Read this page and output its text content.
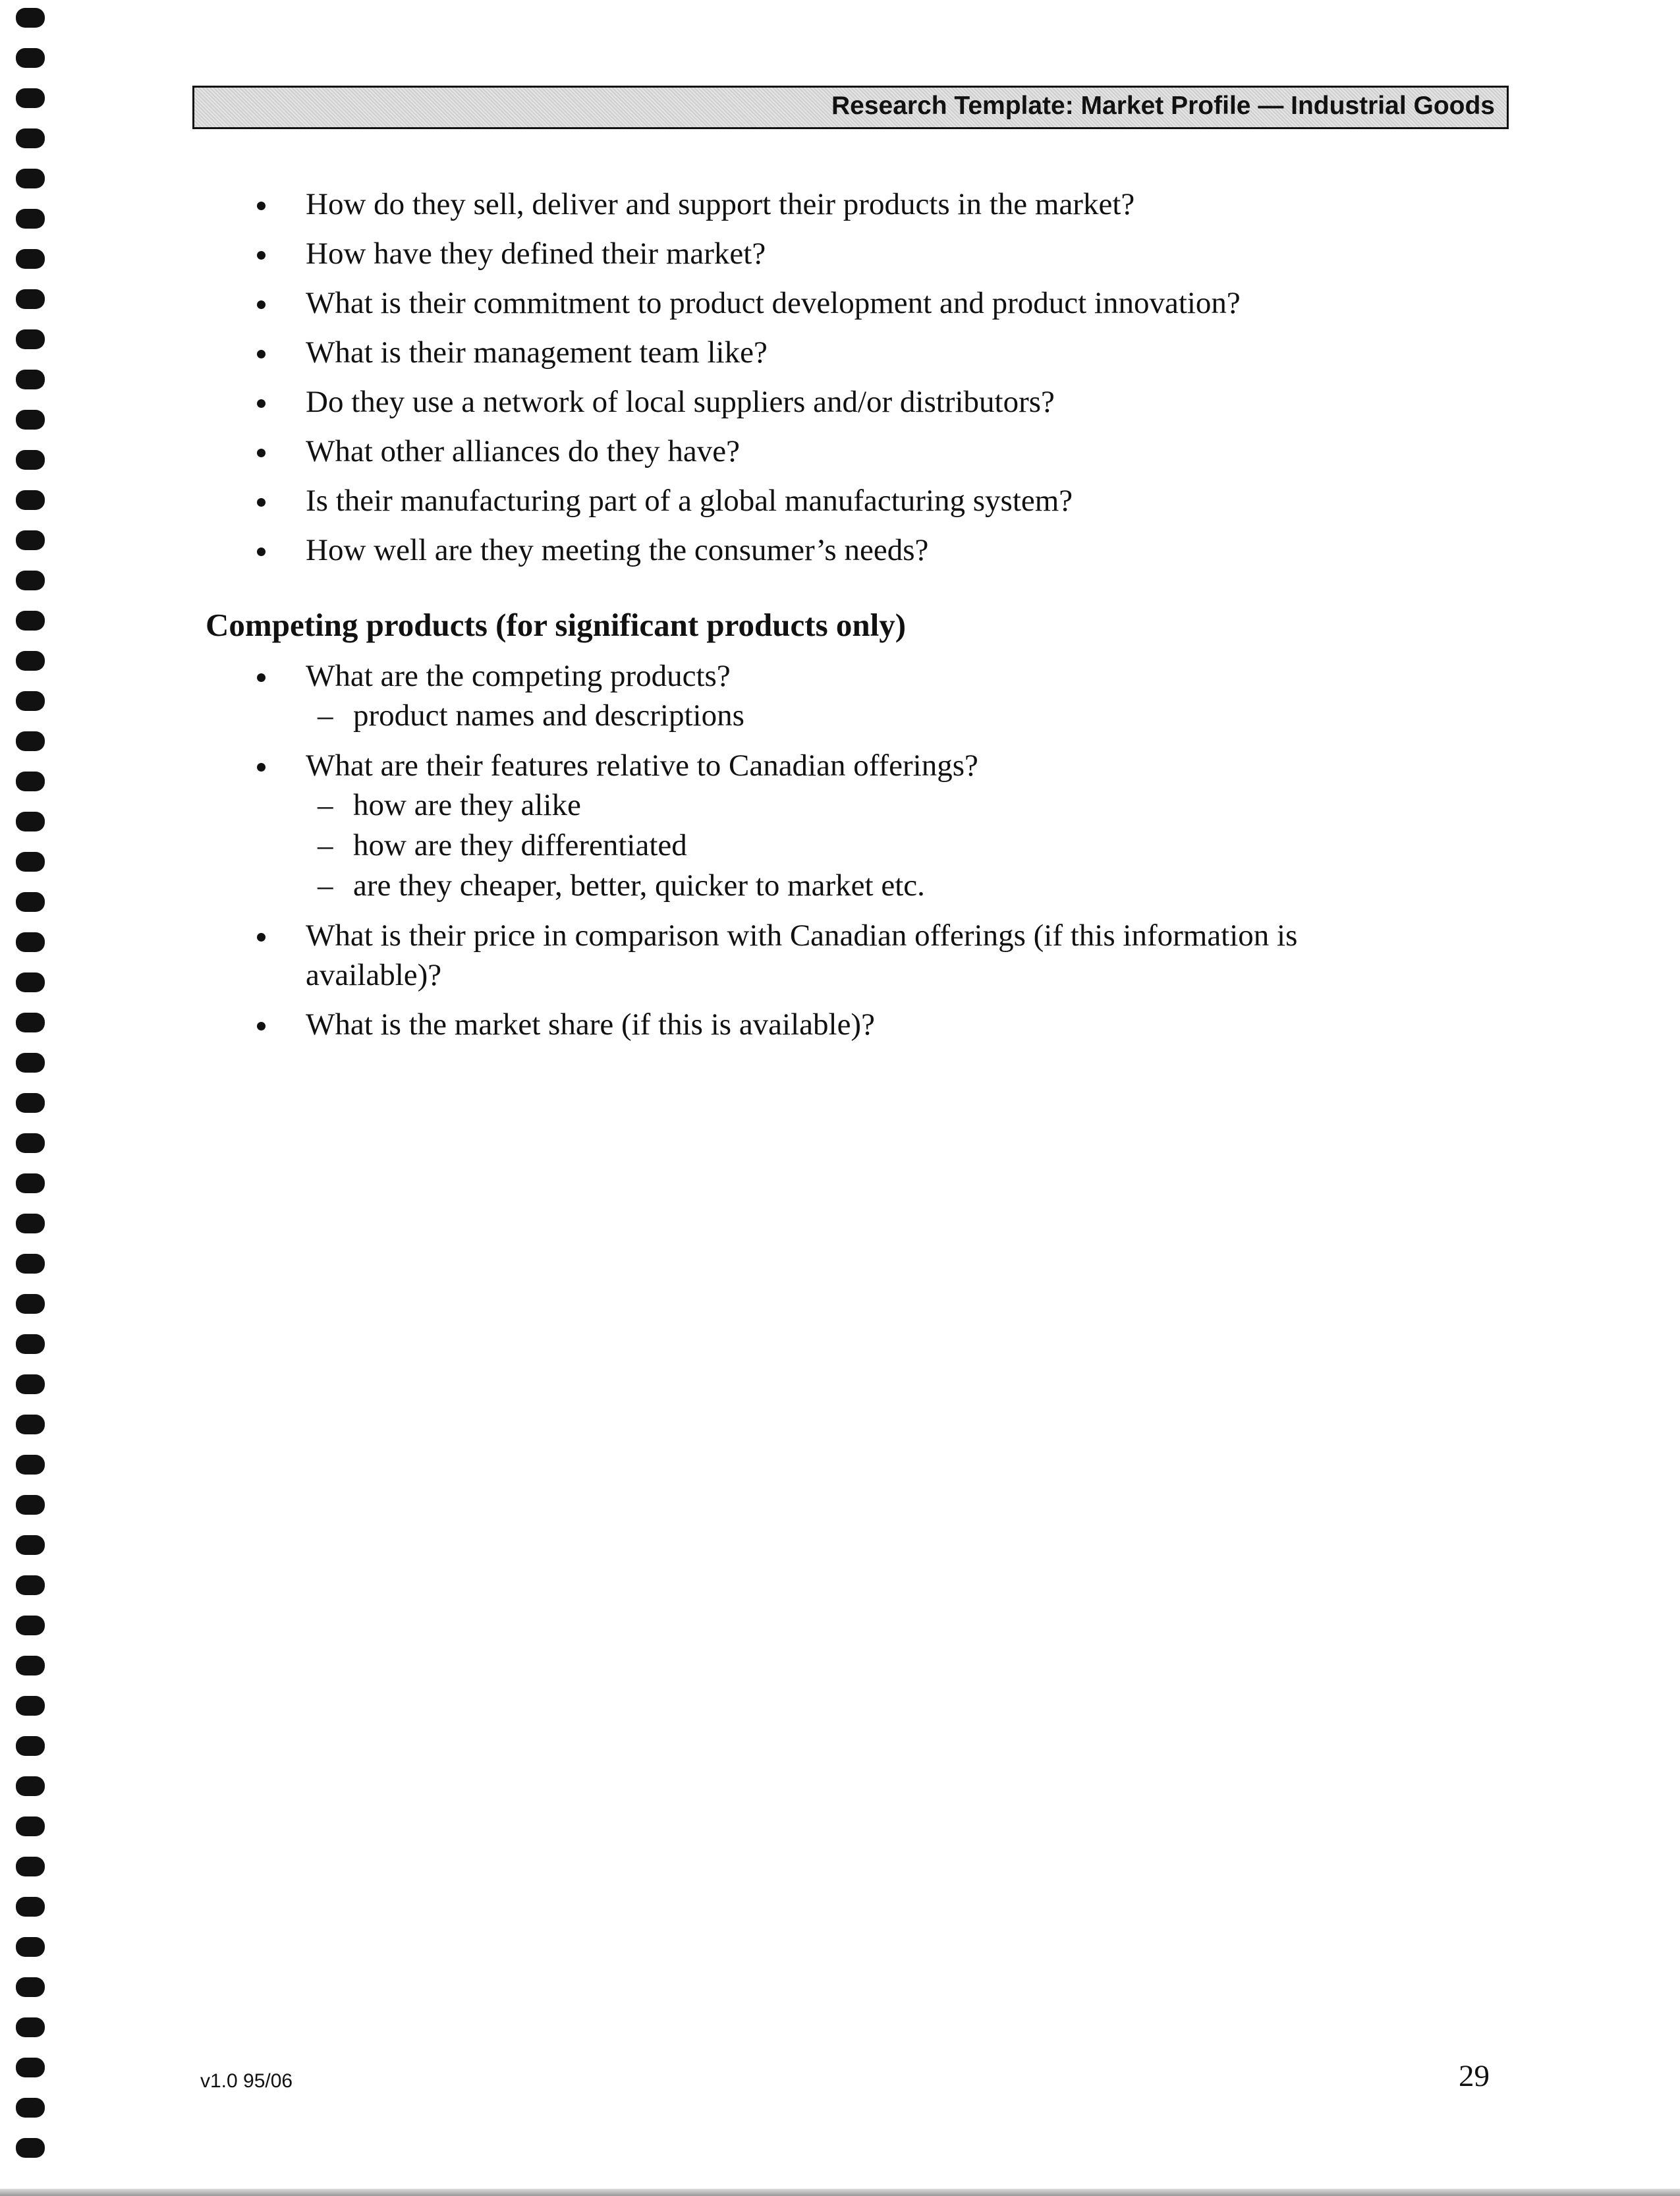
Research Template: Market Profile — Industrial Goods
How do they sell, deliver and support their products in the market?
How have they defined their market?
What is their commitment to product development and product innovation?
What is their management team like?
Do they use a network of local suppliers and/or distributors?
What other alliances do they have?
Is their manufacturing part of a global manufacturing system?
How well are they meeting the consumer’s needs?
Competing products (for significant products only)
What are the competing products?
– product names and descriptions
What are their features relative to Canadian offerings?
– how are they alike
– how are they differentiated
– are they cheaper, better, quicker to market etc.
What is their price in comparison with Canadian offerings (if this information is available)?
What is the market share (if this is available)?
v1.0 95/06	29
